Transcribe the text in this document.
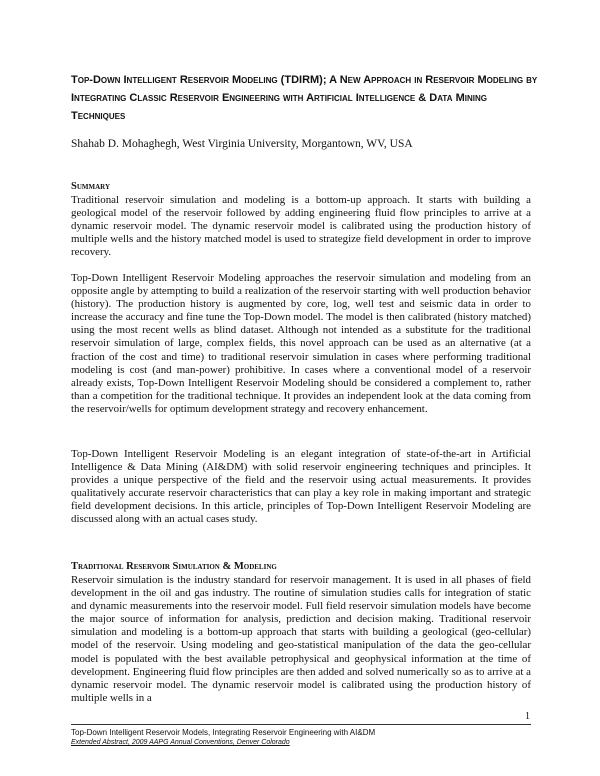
Top-Down Intelligent Reservoir Modeling (TDIRM); A New Approach in Reservoir Modeling by Integrating Classic Reservoir Engineering with Artificial Intelligence & Data Mining Techniques

Shahab D. Mohaghegh, West Virginia University, Morgantown, WV, USA

Summary

Traditional reservoir simulation and modeling is a bottom-up approach. It starts with building a geological model of the reservoir followed by adding engineering fluid flow principles to arrive at a dynamic reservoir model. The dynamic reservoir model is calibrated using the production history of multiple wells and the history matched model is used to strategize field development in order to improve recovery.

Top-Down Intelligent Reservoir Modeling approaches the reservoir simulation and modeling from an opposite angle by attempting to build a realization of the reservoir starting with well production behavior (history). The production history is augmented by core, log, well test and seismic data in order to increase the accuracy and fine tune the Top-Down model. The model is then calibrated (history matched) using the most recent wells as blind dataset. Although not intended as a substitute for the traditional reservoir simulation of large, complex fields, this novel approach can be used as an alternative (at a fraction of the cost and time) to traditional reservoir simulation in cases where performing traditional modeling is cost (and man-power) prohibitive. In cases where a conventional model of a reservoir already exists, Top-Down Intelligent Reservoir Modeling should be considered a complement to, rather than a competition for the traditional technique. It provides an independent look at the data coming from the reservoir/wells for optimum development strategy and recovery enhancement.

Top-Down Intelligent Reservoir Modeling is an elegant integration of state-of-the-art in Artificial Intelligence & Data Mining (AI&DM) with solid reservoir engineering techniques and principles. It provides a unique perspective of the field and the reservoir using actual measurements. It provides qualitatively accurate reservoir characteristics that can play a key role in making important and strategic field development decisions. In this article, principles of Top-Down Intelligent Reservoir Modeling are discussed along with an actual cases study.

Traditional Reservoir Simulation & Modeling

Reservoir simulation is the industry standard for reservoir management. It is used in all phases of field development in the oil and gas industry. The routine of simulation studies calls for integration of static and dynamic measurements into the reservoir model. Full field reservoir simulation models have become the major source of information for analysis, prediction and decision making. Traditional reservoir simulation and modeling is a bottom-up approach that starts with building a geological (geo-cellular) model of the reservoir. Using modeling and geo-statistical manipulation of the data the geo-cellular model is populated with the best available petrophysical and geophysical information at the time of development. Engineering fluid flow principles are then added and solved numerically so as to arrive at a dynamic reservoir model. The dynamic reservoir model is calibrated using the production history of multiple wells in a

1

Top-Down Intelligent Reservoir Models, Integrating Reservoir Engineering with AI&DM

Extended Abstract, 2009 AAPG Annual Conventions, Denver Colorado
